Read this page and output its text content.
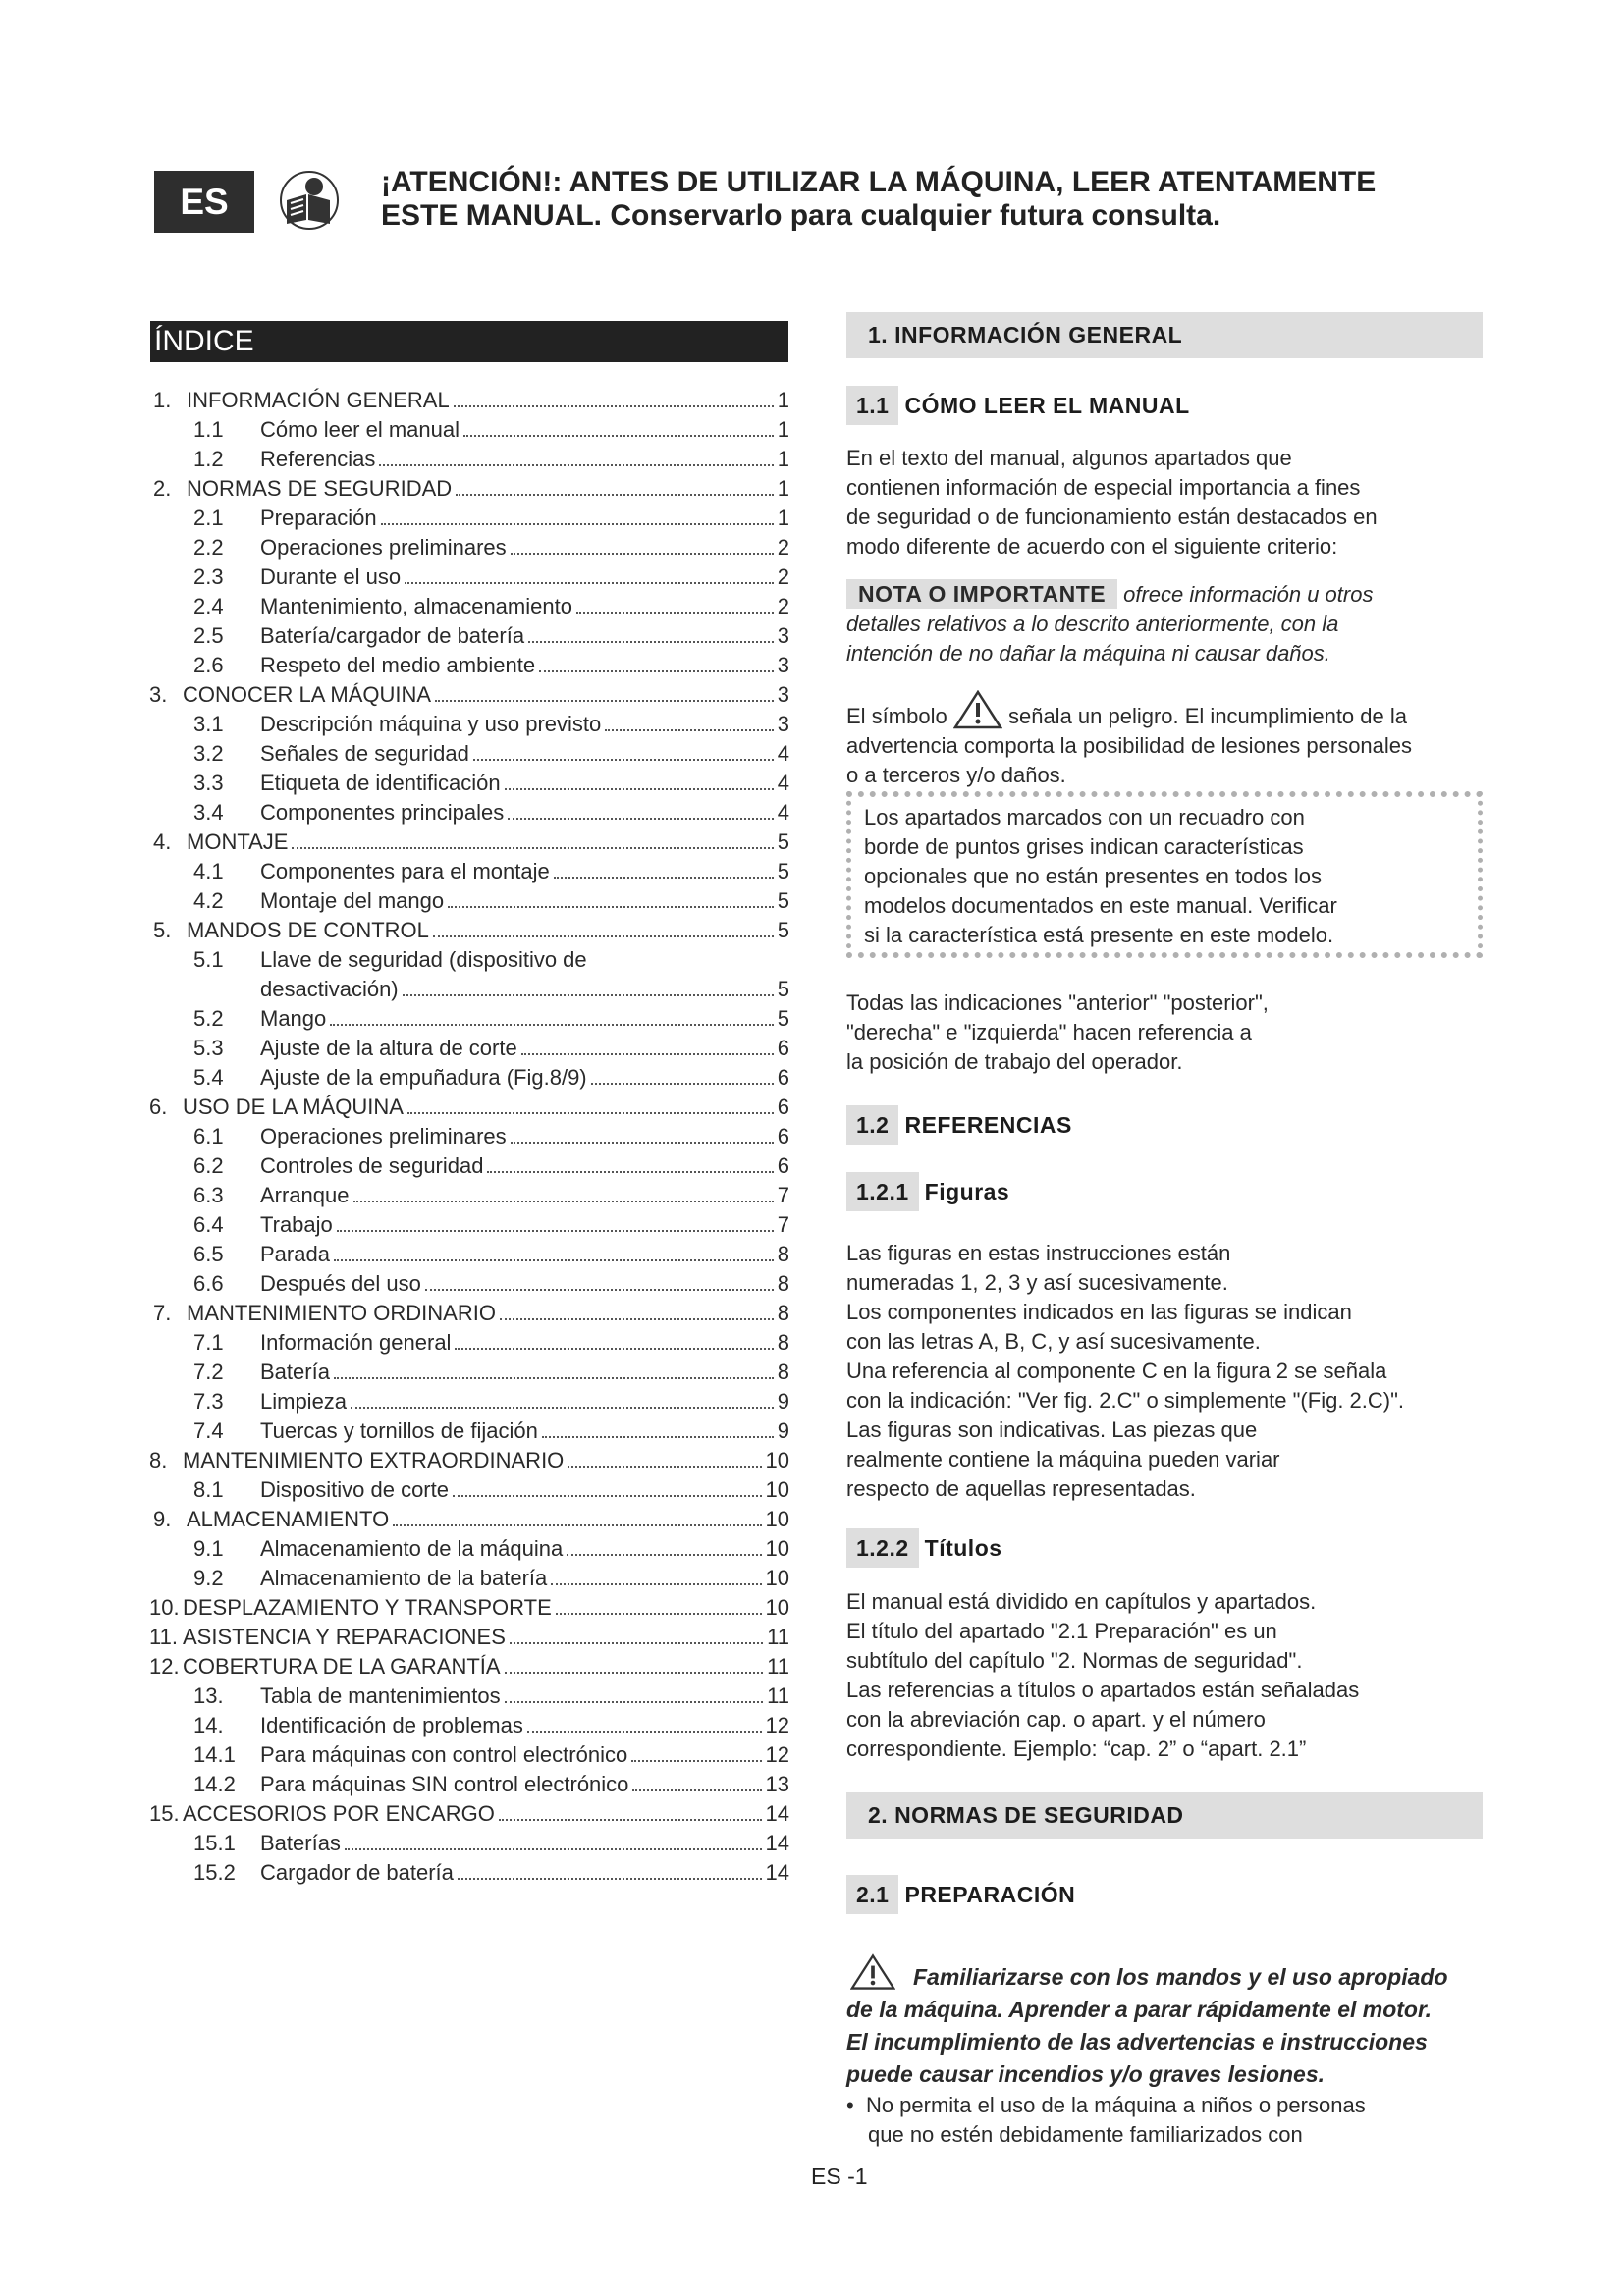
ES	¡ATENCIÓN!: ANTES DE UTILIZAR LA MÁQUINA, LEER ATENTAMENTE
ESTE MANUAL. Conservarlo para cualquier futura consulta.
ÍNDICE
1. INFORMACIÓN GENERAL	1
1.1	Cómo leer el manual	1
1.2	Referencias	1
2. NORMAS DE SEGURIDAD	1
2.1	Preparación	1
2.2	Operaciones preliminares	2
2.3	Durante el uso	2
2.4	Mantenimiento, almacenamiento	2
2.5	Batería/cargador de batería	3
2.6	Respeto del medio ambiente	3
3. CONOCER LA MÁQUINA	3
3.1	Descripción máquina y uso previsto	3
3.2	Señales de seguridad	4
3.3	Etiqueta de identificación	4
3.4	Componentes principales	4
4. MONTAJE	5
4.1	Componentes para el montaje	5
4.2	Montaje del mango	5
5. MANDOS DE CONTROL	5
5.1	Llave de seguridad (dispositivo de
desactivación)	5
5.2	Mango	5
5.3	Ajuste de la altura de corte	6
5.4	Ajuste de la empuñadura (Fig.8/9)	6
6. USO DE LA MÁQUINA	6
6.1	Operaciones preliminares	6
6.2	Controles de seguridad	6
6.3	Arranque	7
6.4	Trabajo	7
6.5	Parada	8
6.6	Después del uso	8
7. MANTENIMIENTO ORDINARIO	8
7.1	Información general	8
7.2	Batería	8
7.3	Limpieza	9
7.4	Tuercas y tornillos de fijación	9
8. MANTENIMIENTO EXTRAORDINARIO	10
8.1	Dispositivo de corte	10
9. ALMACENAMIENTO	10
9.1	Almacenamiento de la máquina	10
9.2	Almacenamiento de la batería	10
10. DESPLAZAMIENTO Y TRANSPORTE	10
11. ASISTENCIA Y REPARACIONES	11
12. COBERTURA DE LA GARANTÍA	11
13.	Tabla de mantenimientos	11
14.	Identificación de problemas	12
14.1	Para máquinas con control electrónico	12
14.2	Para máquinas SIN control electrónico	13
15. ACCESORIOS POR ENCARGO	14
15.1	Baterías	14
15.2	Cargador de batería	14
1. INFORMACIÓN GENERAL
1.1 CÓMO LEER EL MANUAL

En el texto del manual, algunos apartados que

contienen información de especial importancia a fines

de seguridad o de funcionamiento están destacados en

modo diferente de acuerdo con el siguiente criterio:

NOTA O IMPORTANTE ofrece información u otros

detalles relativos a lo descrito anteriormente, con la

intención de no dañar la máquina ni causar daños.

El símbolo	señala un peligro. El incumplimiento de la

advertencia comporta la posibilidad de lesiones personales

o a terceros y/o daños.

Los apartados marcados con un recuadro con

borde de puntos grises indican características

opcionales que no están presentes en todos los

modelos documentados en este manual. Verificar

si la característica está presente en este modelo.

Todas las indicaciones "anterior" "posterior",

"derecha" e "izquierda" hacen referencia a

la posición de trabajo del operador.

1.2 REFERENCIAS
1.2.1 Figuras

Las figuras en estas instrucciones están

numeradas 1, 2, 3 y así sucesivamente.

Los componentes indicados en las figuras se indican

con las letras A, B, C, y así sucesivamente.

Una referencia al componente C en la figura 2 se señala

con la indicación: "Ver fig. 2.C" o simplemente "(Fig. 2.C)".

Las figuras son indicativas. Las piezas que

realmente contiene la máquina pueden variar

respecto de aquellas representadas.

1.2.2 Títulos

El manual está dividido en capítulos y apartados.

El título del apartado "2.1 Preparación" es un

subtítulo del capítulo "2. Normas de seguridad".

Las referencias a títulos o apartados están señaladas

con la abreviación cap. o apart. y el número

correspondiente. Ejemplo: “cap. 2” o “apart. 2.1”

2. NORMAS DE SEGURIDAD
2.1 PREPARACIÓN

Familiarizarse con los mandos y el uso apropiado

de la máquina. Aprender a parar rápidamente el motor.

El incumplimiento de las advertencias e instrucciones

puede causar incendios y/o graves lesiones.

•  No permita el uso de la máquina a niños o personas

que no estén debidamente familiarizados con

ES -1
